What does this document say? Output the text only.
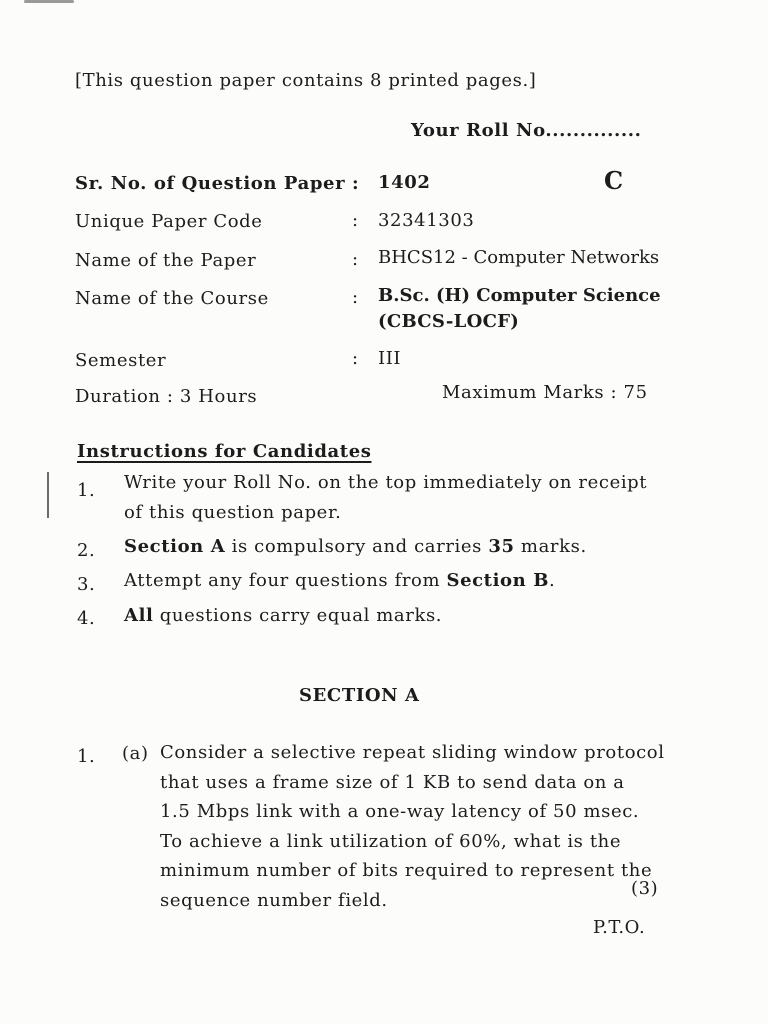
[This question paper contains 8 printed pages.]
Your Roll No..............
Sr. No. of Question Paper : 1402	C
Unique Paper Code	: 32341303
Name of the Paper	: BHCS12 - Computer Networks
Name of the Course	: B.Sc. (H) Computer Science
(CBCS-LOCF)
Semester	: III
Duration : 3 Hours	Maximum Marks : 75
Instructions for Candidates
1. Write your Roll No. on the top immediately on receipt
of this question paper.
2. Section A is compulsory and carries 35 marks.
3. Attempt any four questions from Section B.
4. All questions carry equal marks.
SECTION A
1. (a) Consider a selective repeat sliding window protocol
that uses a frame size of 1 KB to send data on a
1.5 Mbps link with a one-way latency of 50 msec.
To achieve a link utilization of 60%, what is the
minimum number of bits required to represent the
sequence number field.
(3)
P.T.O.
